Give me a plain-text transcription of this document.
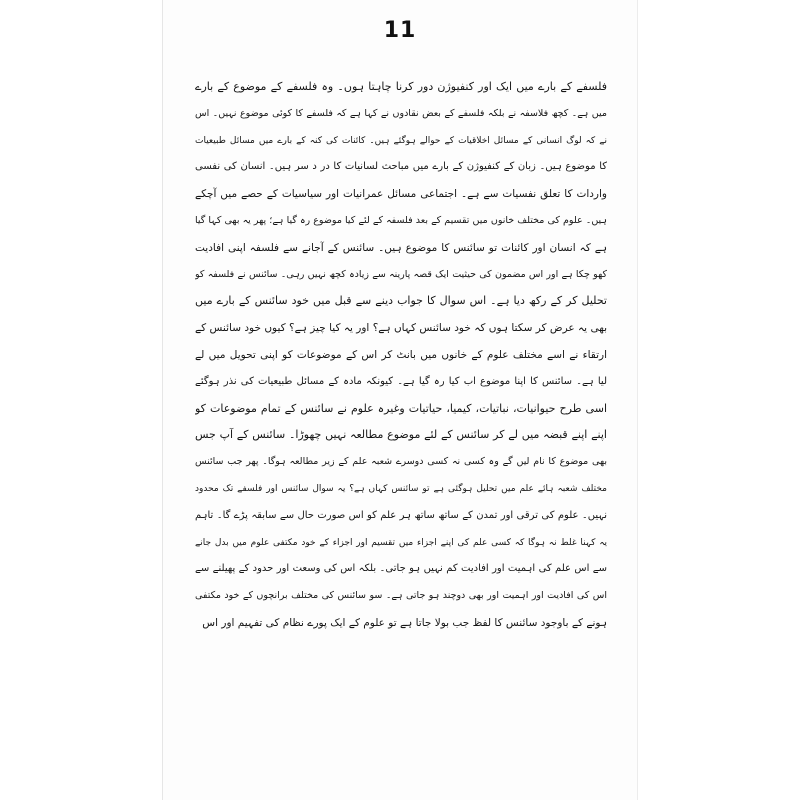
11
فلسفے کے بارے میں ایک اور کنفیوژن دور کرنا چاہتا ہوں۔ وہ فلسفے کے موضوع کے بارے
میں ہے۔ کچھ فلاسفہ نے بلکہ فلسفے کے بعض نقادوں نے کہا ہے کہ فلسفے کا کوئی موضوع نہیں۔ اس
نے کہ لوگ انسانی کے مسائل اخلاقیات کے حوالے ہوگئے ہیں۔ کائنات کی کنہ کے بارے میں مسائل طبیعیات
کا موضوع ہیں۔ زبان کے کنفیوژن کے بارے میں مباحث لسانیات کا در د سر ہیں۔ انسان کی نفسی
واردات کا تعلق نفسیات سے ہے۔ اجتماعی مسائل عمرانیات اور سیاسیات کے حصے میں آچکے
ہیں۔ علوم کی مختلف خانوں میں تقسیم کے بعد فلسفہ کے لئے کیا موضوع رہ گیا ہے؛ پھر یہ بھی کہا گیا
ہے کہ انسان اور کائنات تو سائنس کا موضوع ہیں۔ سائنس کے آجانے سے فلسفہ اپنی افادیت
کھو چکا ہے اور اس مضمون کی حیثیت ایک قصہ پارینہ سے زیادہ کچھ نہیں رہی۔ سائنس نے فلسفہ کو
تحلیل کر کے رکھ دیا ہے۔ اس سوال کا جواب دینے سے قبل میں خود سائنس کے بارے میں
بھی یہ عرض کر سکتا ہوں کہ خود سائنس کہاں ہے؟ اور یہ کیا چیز ہے؟ کیوں خود سائنس کے
ارتقاء نے اسے مختلف علوم کے خانوں میں بانٹ کر اس کے موضوعات کو اپنی تحویل میں لے
لیا ہے۔ سائنس کا اپنا موضوع اب کیا رہ گیا ہے۔ کیونکہ مادہ کے مسائل طبیعیات کی نذر ہوگئے
اسی طرح حیوانیات، نباتیات، کیمیا، حیاتیات وغیرہ علوم نے سائنس کے تمام موضوعات کو
اپنے اپنے قبضہ میں لے کر سائنس کے لئے موضوع مطالعہ نہیں چھوڑا۔ سائنس کے آپ جس
بھی موضوع کا نام لیں گے وہ کسی نہ کسی دوسرے شعبہ علم کے زیر مطالعہ ہوگا۔ پھر جب سائنس
مختلف شعبہ ہائے علم میں تحلیل ہوگئی ہے تو سائنس کہاں ہے؟ یہ سوال سائنس اور فلسفے تک محدود
نہیں۔ علوم کی ترقی اور تمدن کے ساتھ ساتھ ہر علم کو اس صورت حال سے سابقہ پڑے گا۔ تاہم
یہ کہنا غلط نہ ہوگا کہ کسی علم کی اپنے اجزاء میں تقسیم اور اجزاء کے خود مکتفی علوم میں بدل جانے
سے اس علم کی اہمیت اور افادیت کم نہیں ہو جاتی۔ بلکہ اس کی وسعت اور حدود کے پھیلنے سے
اس کی افادیت اور اہمیت اور بھی دوچند ہو جاتی ہے۔ سو سائنس کی مختلف برانچوں کے خود مکتفی
ہونے کے باوجود سائنس کا لفظ جب بولا جاتا ہے تو علوم کے ایک پورے نظام کی تفہیم اور اس
